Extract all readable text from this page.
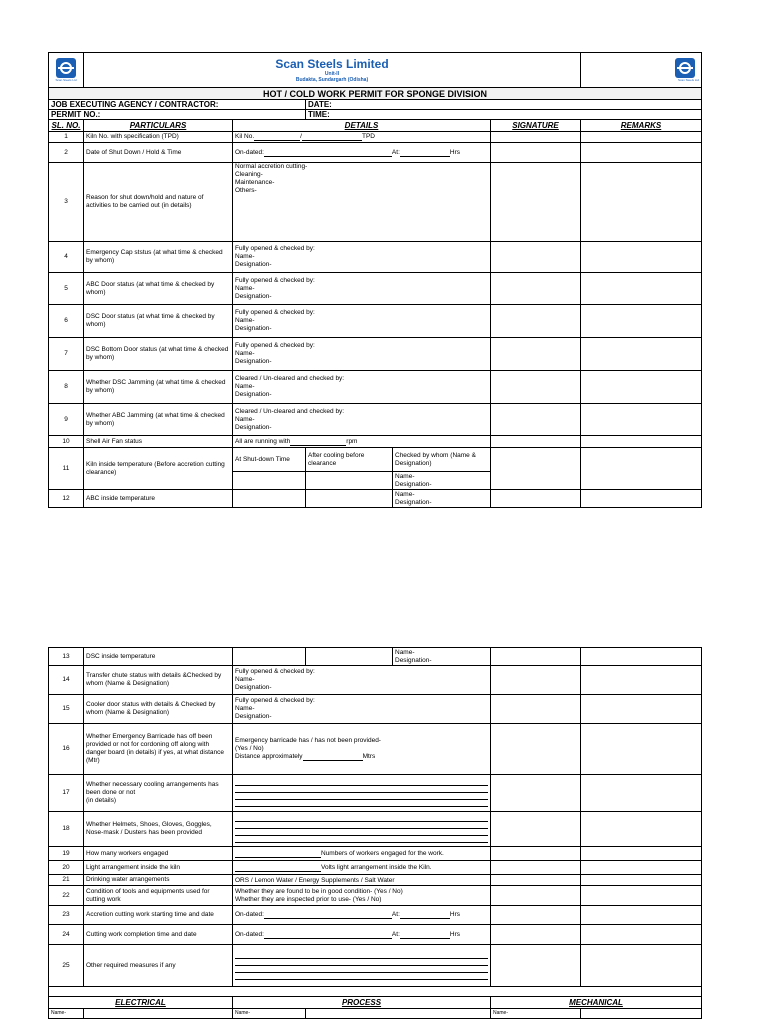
Scan Steels Ltd	Scan Steels Limited
Unit-II
Budakta, Sundargarh (Odisha)					Scan Steels Ltd

HOT / COLD WORK PERMIT FOR SPONGE DIVISION						
JOB EXECUTING AGENCY / CONTRACTOR:			DATE:			
PERMIT NO.:			TIME:			
SL. NO.	PARTICULARS	DETAILS			SIGNATURE	REMARKS
1	Kiln No. with specification (TPD)	Kil No. / TPD				
2	Date of Shut Down / Hold & Time	On-dated: At: Hrs				
3	Reason for shut down/hold and nature of activities to be carried out (in details)	Normal accretion cutting-
Cleaning-
Maintenance-
Others-				

4	Emergency Cap ststus (at what time & checked by whom)	Fully opened & checked by:
Name-
Designation-				

5	ABC Door status (at what time & checked by whom)	Fully opened & checked by:
Name-
Designation-				

6	DSC Door status (at what time & checked by whom)	Fully opened & checked by:
Name-
Designation-				

7	DSC Bottom Door status (at what time & checked by whom)	Fully opened & checked by:
Name-
Designation-				

8	Whether DSC Jamming (at what time & checked by whom)	Cleared / Un-cleared and checked by:
Name-
Designation-				

9	Whether ABC Jamming (at what time & checked by whom)	Cleared / Un-cleared and checked by:
Name-
Designation-				

10	Shell Air Fan status	All are running with rpm				
11	Kiln inside temperature (Before accretion cutting clearance)	At Shut-down Time	After cooling before clearance	Checked by whom (Name & Designation)		

				Name-
Designation-		

12	ABC inside temperature			Name-
Designation-		

13	DSC inside temperature			Name-
Designation-		

14	Transfer chute status with details &Checked by whom (Name & Designation)	Fully opened & checked by:
Name-
Designation-				

15	Cooler door status with details & Checked by whom (Name & Designation)	Fully opened & checked by:
Name-
Designation-				

16	Whether Emergency Barricade has off been provided or not for cordoning off along with danger board (in details) if yes, at what distance (Mtr)	Emergency barricade has / has not been provided-
(Yes / No)
Distance approximately Mtrs				

17	Whether necessary cooling arrangements has been done or not
(in details)					

18	Whether Helmets, Shoes, Gloves, Goggles, Nose-mask / Dusters has been provided			

19	How many workers engaged	Numbers of workers engaged for the work.				
20	Light arrangement inside the kiln	Volts light arrangement inside the Kiln.				
21	Drinking water arrangements	ORS / Lemon Water / Energy Supplements / Salt Water				
22	Condition of tools and equipments used for cutting work	Whether they are found to be in good condition- (Yes / No)
Whether they are inspected prior to use- (Yes / No)				

23	Accretion cutting work starting time and date	On-dated: At: Hrs				
24	Cutting work completion time and date	On-dated: At: Hrs				
25	Other required measures if any			

ELECTRICAL		PROCESS			MECHANICAL	
Name-		Name-			Name-	
